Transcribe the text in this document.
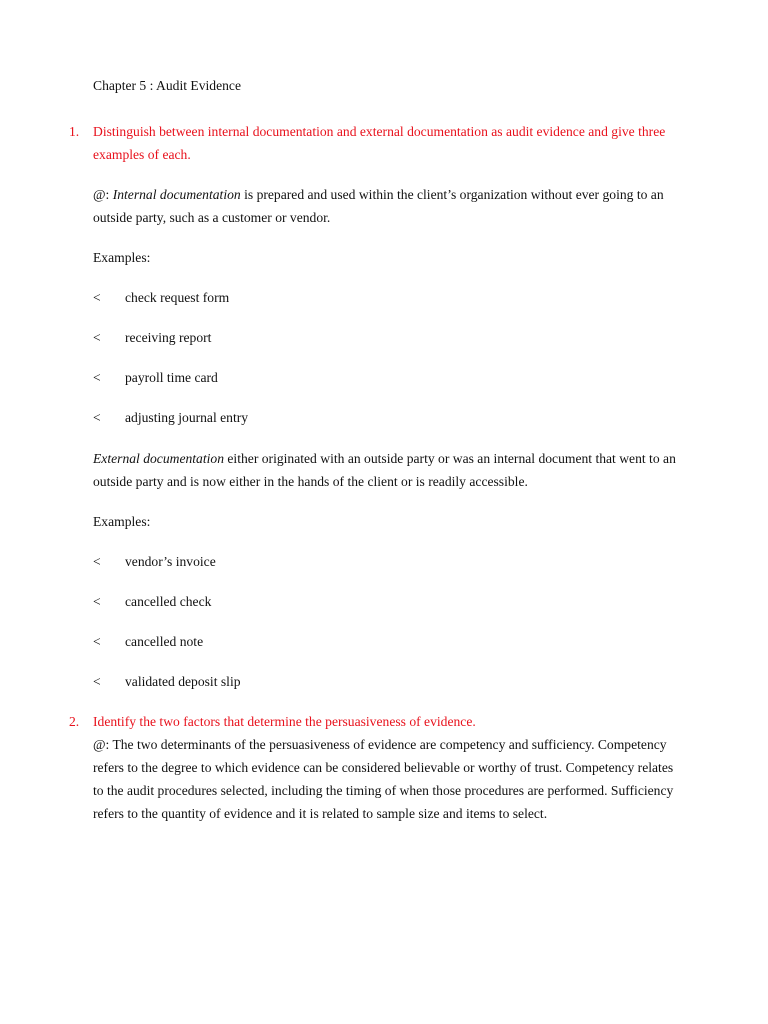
Chapter 5 : Audit Evidence

1. Distinguish between internal documentation and external documentation as audit evidence and give three examples of each.

@: Internal documentation is prepared and used within the client’s organization without ever going to an outside party, such as a customer or vendor.

Examples:

< check request form

< receiving report

< payroll time card

< adjusting journal entry

External documentation either originated with an outside party or was an internal document that went to an outside party and is now either in the hands of the client or is readily accessible.

Examples:

< vendor’s invoice

< cancelled check

< cancelled note

< validated deposit slip

2. Identify the two factors that determine the persuasiveness of evidence.

@: The two determinants of the persuasiveness of evidence are competency and sufficiency. Competency refers to the degree to which evidence can be considered believable or worthy of trust. Competency relates to the audit procedures selected, including the timing of when those procedures are performed. Sufficiency refers to the quantity of evidence and it is related to sample size and items to select.
